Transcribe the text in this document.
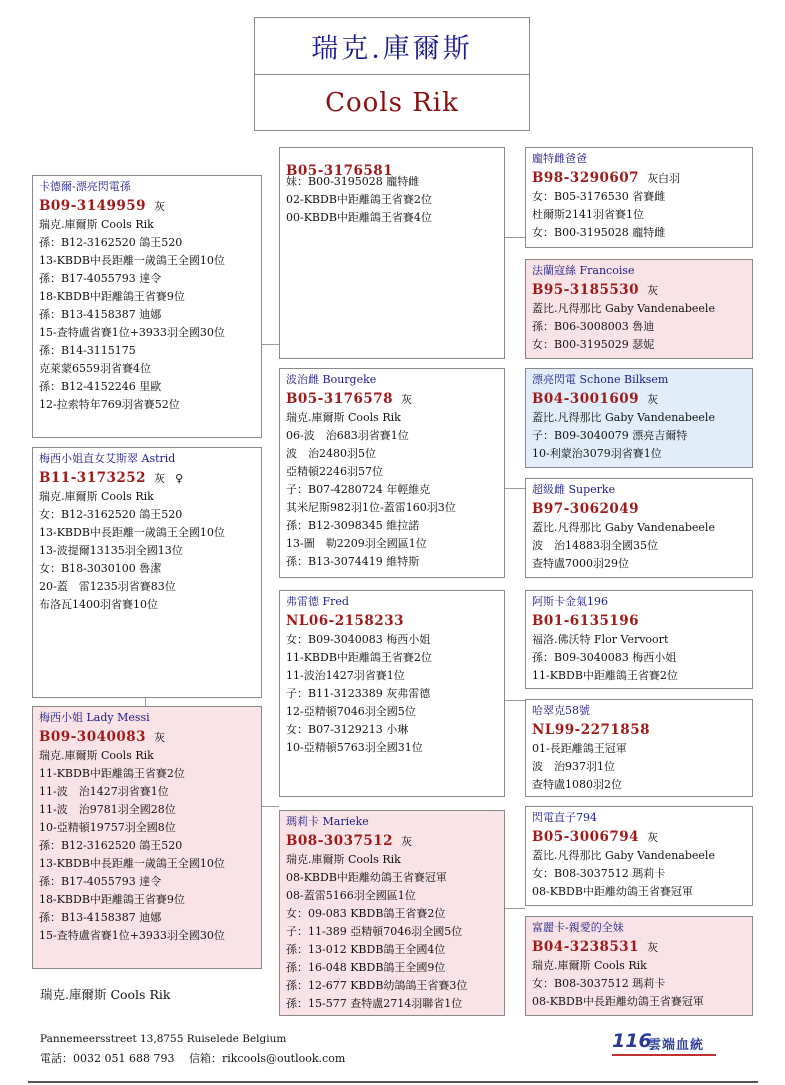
瑞克.庫爾斯
Cools Rik
卡德爾-漂亮閃電孫
B09-3149959 灰
瑞克.庫爾斯 Cools Rik
孫：B12-3162520 鴿王520
13-KBDB中長距離一歲鴿王全國10位
孫：B17-4055793 達令
18-KBDB中距離鴿王省賽9位
孫：B13-4158387 迪娜
15-查特盧省賽1位+3933羽全國30位
孫：B14-3115175
克萊蒙6559羽省賽4位
孫：B12-4152246 里歐
12-拉索特年769羽省賽52位
梅西小姐直女艾斯翠 Astrid
B11-3173252 灰 ♀
瑞克.庫爾斯 Cools Rik
女：B12-3162520 鴿王520
13-KBDB中長距離一歲鴿王全國10位
13-波提爾13135羽全國13位
女：B18-3030100 魯潔
20-蓋　雷1235羽省賽83位
布洛瓦1400羽省賽10位
梅西小姐 Lady Messi
B09-3040083 灰
瑞克.庫爾斯 Cools Rik
11-KBDB中距離鴿王省賽2位
11-波　治1427羽省賽1位
11-波　治9781羽全國28位
10-亞精頓19757羽全國8位
孫：B12-3162520 鴿王520
13-KBDB中長距離一歲鴿王全國10位
孫：B17-4055793 達令
18-KBDB中距離鴿王省賽9位
孫：B13-4158387 迪娜
15-查特盧省賽1位+3933羽全國30位
B05-3176581
妹：B00-3195028 龐特雌
02-KBDB中距離鴿王省賽2位
00-KBDB中距離鴿王省賽4位
波治雌 Bourgeke
B05-3176578 灰
瑞克.庫爾斯 Cools Rik
06-波　治683羽省賽1位
波　治2480羽5位
亞精頓2246羽57位
子：B07-4280724 年輕維克
其米尼斯982羽1位-蓋雷160羽3位
孫：B12-3098345 維拉諾
13-圖　勒2209羽全國區1位
孫：B13-3074419 維特斯
弗雷德 Fred
NL06-2158233
女：B09-3040083 梅西小姐
11-KBDB中距離鴿王省賽2位
11-波治1427羽省賽1位
子：B11-3123389 灰弗雷德
12-亞精頓7046羽全國5位
女：B07-3129213 小琳
10-亞精頓5763羽全國31位
瑪莉卡 Marieke
B08-3037512 灰
瑞克.庫爾斯 Cools Rik
08-KBDB中距離幼鴿王省賽冠軍
08-蓋雷5166羽全國區1位
女：09-083 KBDB鴿王省賽2位
子：11-389 亞精頓7046羽全國5位
孫：13-012 KBDB鴿王全國4位
孫：16-048 KBDB鴿王全國9位
孫：12-677 KBDB幼鴿鴿王省賽3位
孫：15-577 查特盧2714羽聯省1位
龐特雌爸爸
B98-3290607 灰白羽
女：B05-3176530 省賽雌
杜爾斯2141羽省賽1位
女：B00-3195028 龐特雌
法蘭寇絲 Francoise
B95-3185530 灰
蓋比.凡得那比 Gaby Vandenabeele
孫：B06-3008003 魯迪
女：B00-3195029 瑟妮
漂亮閃電 Schone Bilksem
B04-3001609 灰
蓋比.凡得那比 Gaby Vandenabeele
子：B09-3040079 漂亮吉爾特
10-利蒙治3079羽省賽1位
超級雌 Superke
B97-3062049
蓋比.凡得那比 Gaby Vandenabeele
波　治14883羽全國35位
查特盧7000羽29位
阿斯卡金氣196
B01-6135196
福洛.佛沃特 Flor Vervoort
孫：B09-3040083 梅西小姐
11-KBDB中距離鴿王省賽2位
哈翠克58號
NL99-2271858
01-長距離鴿王冠軍
波　治937羽1位
查特盧1080羽2位
閃電直子794
B05-3006794 灰
蓋比.凡得那比 Gaby Vandenabeele
女：B08-3037512 瑪莉卡
08-KBDB中距離幼鴿王省賽冠軍
富麗卡-親愛的全妹
B04-3238531 灰
瑞克.庫爾斯 Cools Rik
女：B08-3037512 瑪莉卡
08-KBDB中長距離幼鴿王省賽冠軍
瑞克.庫爾斯 Cools Rik
Pannemeersstreet 13,8755 Ruiselede Belgium
電話：0032 051 688 793　 信箱：rikcools@outlook.com
116
雲端血統
